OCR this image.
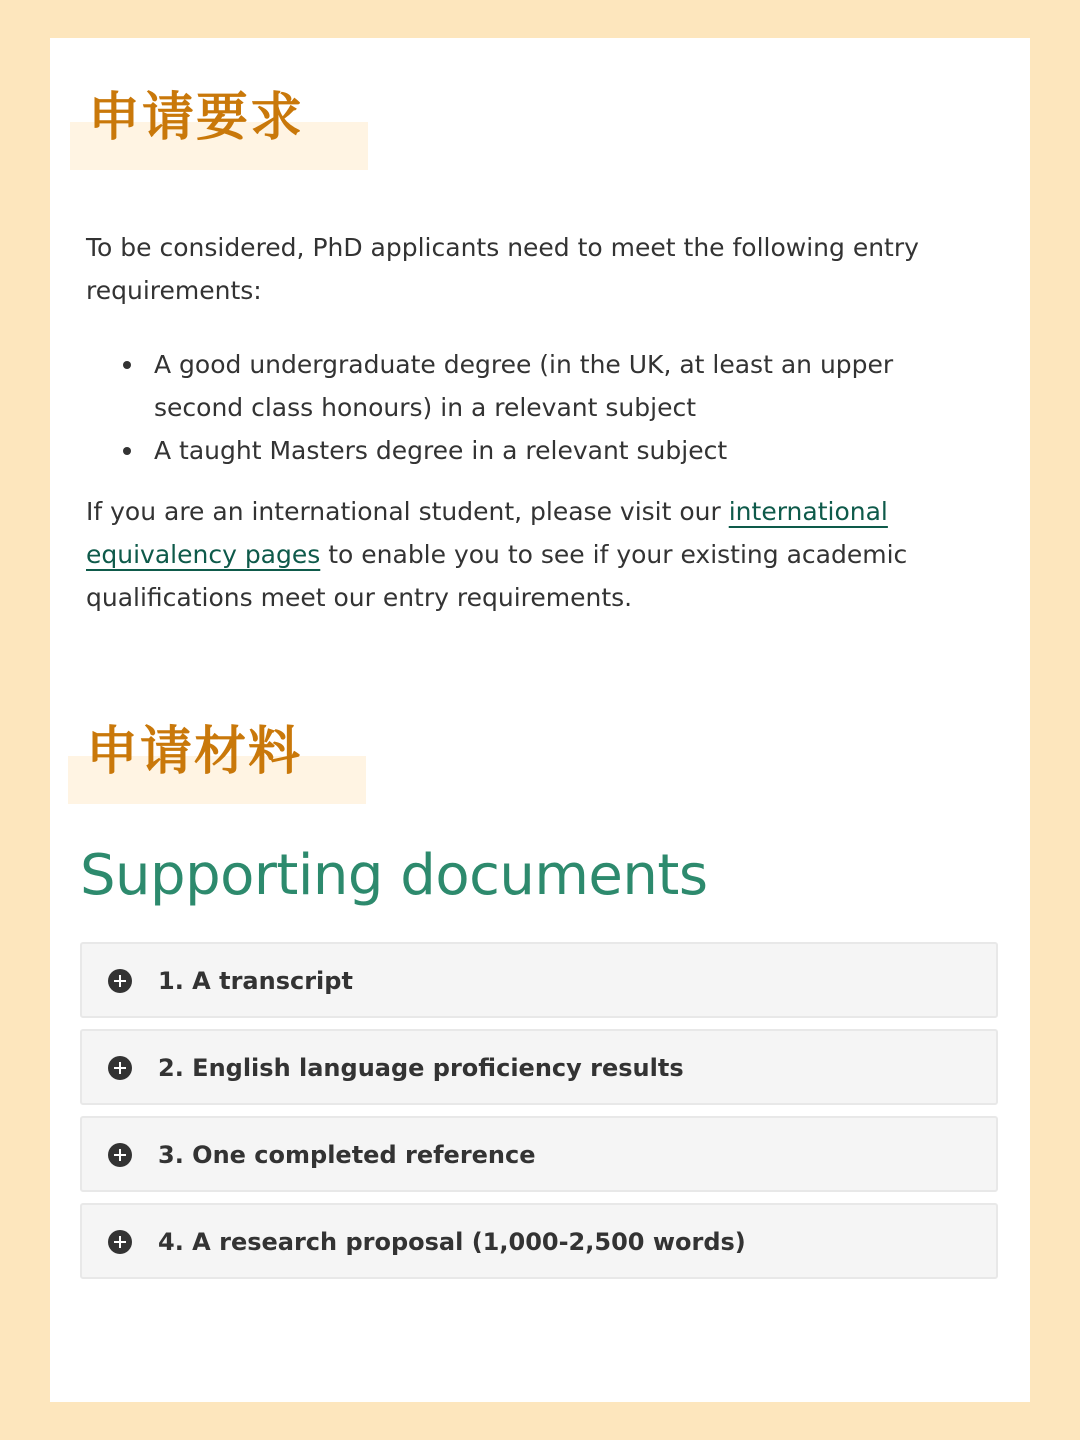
申请要求
To be considered, PhD applicants need to meet the following entry requirements:
A good undergraduate degree (in the UK, at least an upper second class honours) in a relevant subject
A taught Masters degree in a relevant subject
If you are an international student, please visit our international equivalency pages to enable you to see if your existing academic qualifications meet our entry requirements.
申请材料
Supporting documents
1. A transcript
2. English language proficiency results
3. One completed reference
4. A research proposal (1,000-2,500 words)
